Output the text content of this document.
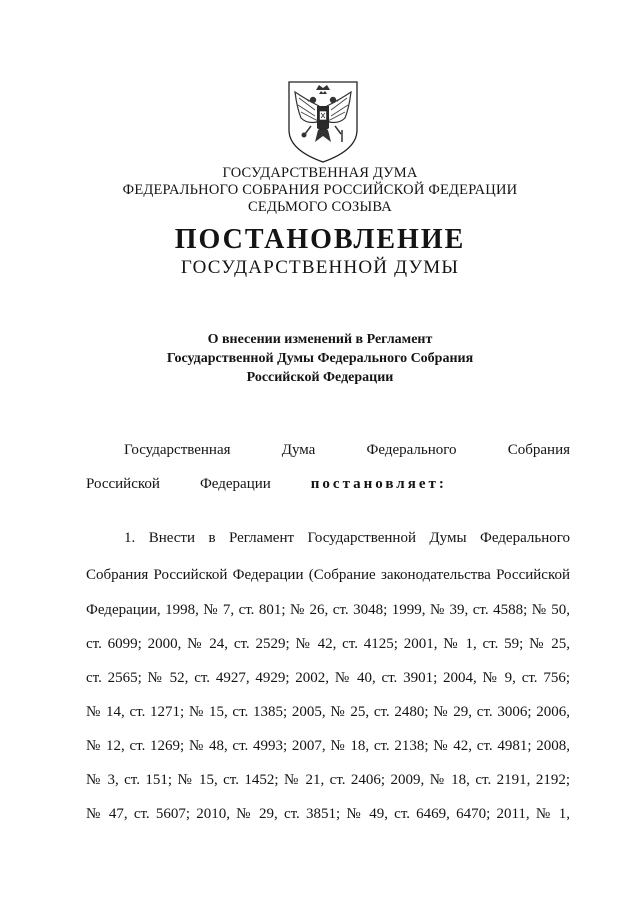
ГОСУДАРСТВЕННАЯ ДУМА
ФЕДЕРАЛЬНОГО СОБРАНИЯ РОССИЙСКОЙ ФЕДЕРАЦИИ
СЕДЬМОГО СОЗЫВА
ПОСТАНОВЛЕНИЕ
ГОСУДАРСТВЕННОЙ ДУМЫ
О внесении изменений в Регламент
Государственной Думы Федерального Собрания
Российской Федерации
Государственная	Дума	Федерального	Собрания
Российской	Федерации	постановляет:
1. Внести в Регламент Государственной Думы Федерального
Собрания Российской Федерации (Собрание законодательства Российской
Федерации, 1998, № 7, ст. 801; № 26, ст. 3048; 1999, № 39, ст. 4588; № 50,
ст. 6099; 2000, № 24, ст. 2529; № 42, ст. 4125; 2001, № 1, ст. 59; № 25,
ст. 2565; № 52, ст. 4927, 4929; 2002, № 40, ст. 3901; 2004, № 9, ст. 756;
№ 14, ст. 1271; № 15, ст. 1385; 2005, № 25, ст. 2480; № 29, ст. 3006; 2006,
№ 12, ст. 1269; № 48, ст. 4993; 2007, № 18, ст. 2138; № 42, ст. 4981; 2008,
№ 3, ст. 151; № 15, ст. 1452; № 21, ст. 2406; 2009, № 18, ст. 2191, 2192;
№ 47, ст. 5607; 2010, № 29, ст. 3851; № 49, ст. 6469, 6470; 2011, № 1,
